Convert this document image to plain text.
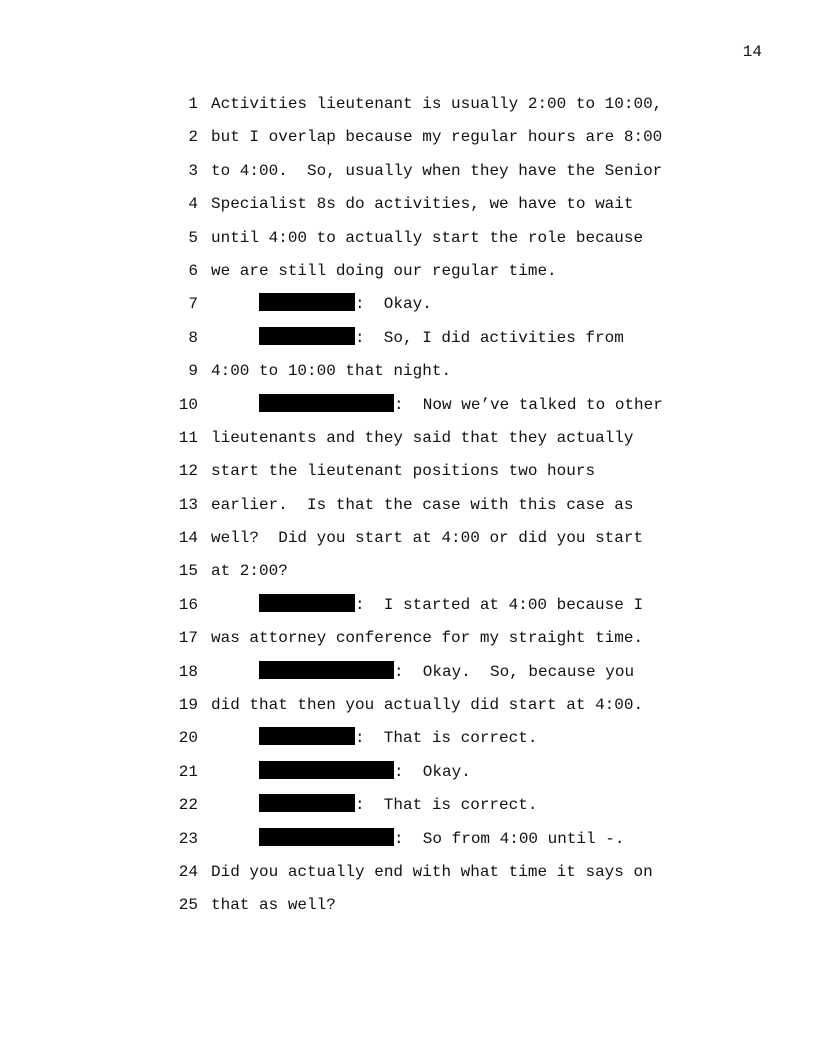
14
1 Activities lieutenant is usually 2:00 to 10:00,
2 but I overlap because my regular hours are 8:00
3 to 4:00.  So, usually when they have the Senior
4 Specialist 8s do activities, we have to wait
5 until 4:00 to actually start the role because
6 we are still doing our regular time.
7	:  Okay.
8	:  So, I did activities from
9 4:00 to 10:00 that night.
10	:  Now we’ve talked to other
11 lieutenants and they said that they actually
12 start the lieutenant positions two hours
13 earlier.  Is that the case with this case as
14 well?  Did you start at 4:00 or did you start
15 at 2:00?
16	:  I started at 4:00 because I
17 was attorney conference for my straight time.
18	:  Okay.  So, because you
19 did that then you actually did start at 4:00.
20	:  That is correct.
21	:  Okay.
22	:  That is correct.
23	:  So from 4:00 until -.
24 Did you actually end with what time it says on
25 that as well?
